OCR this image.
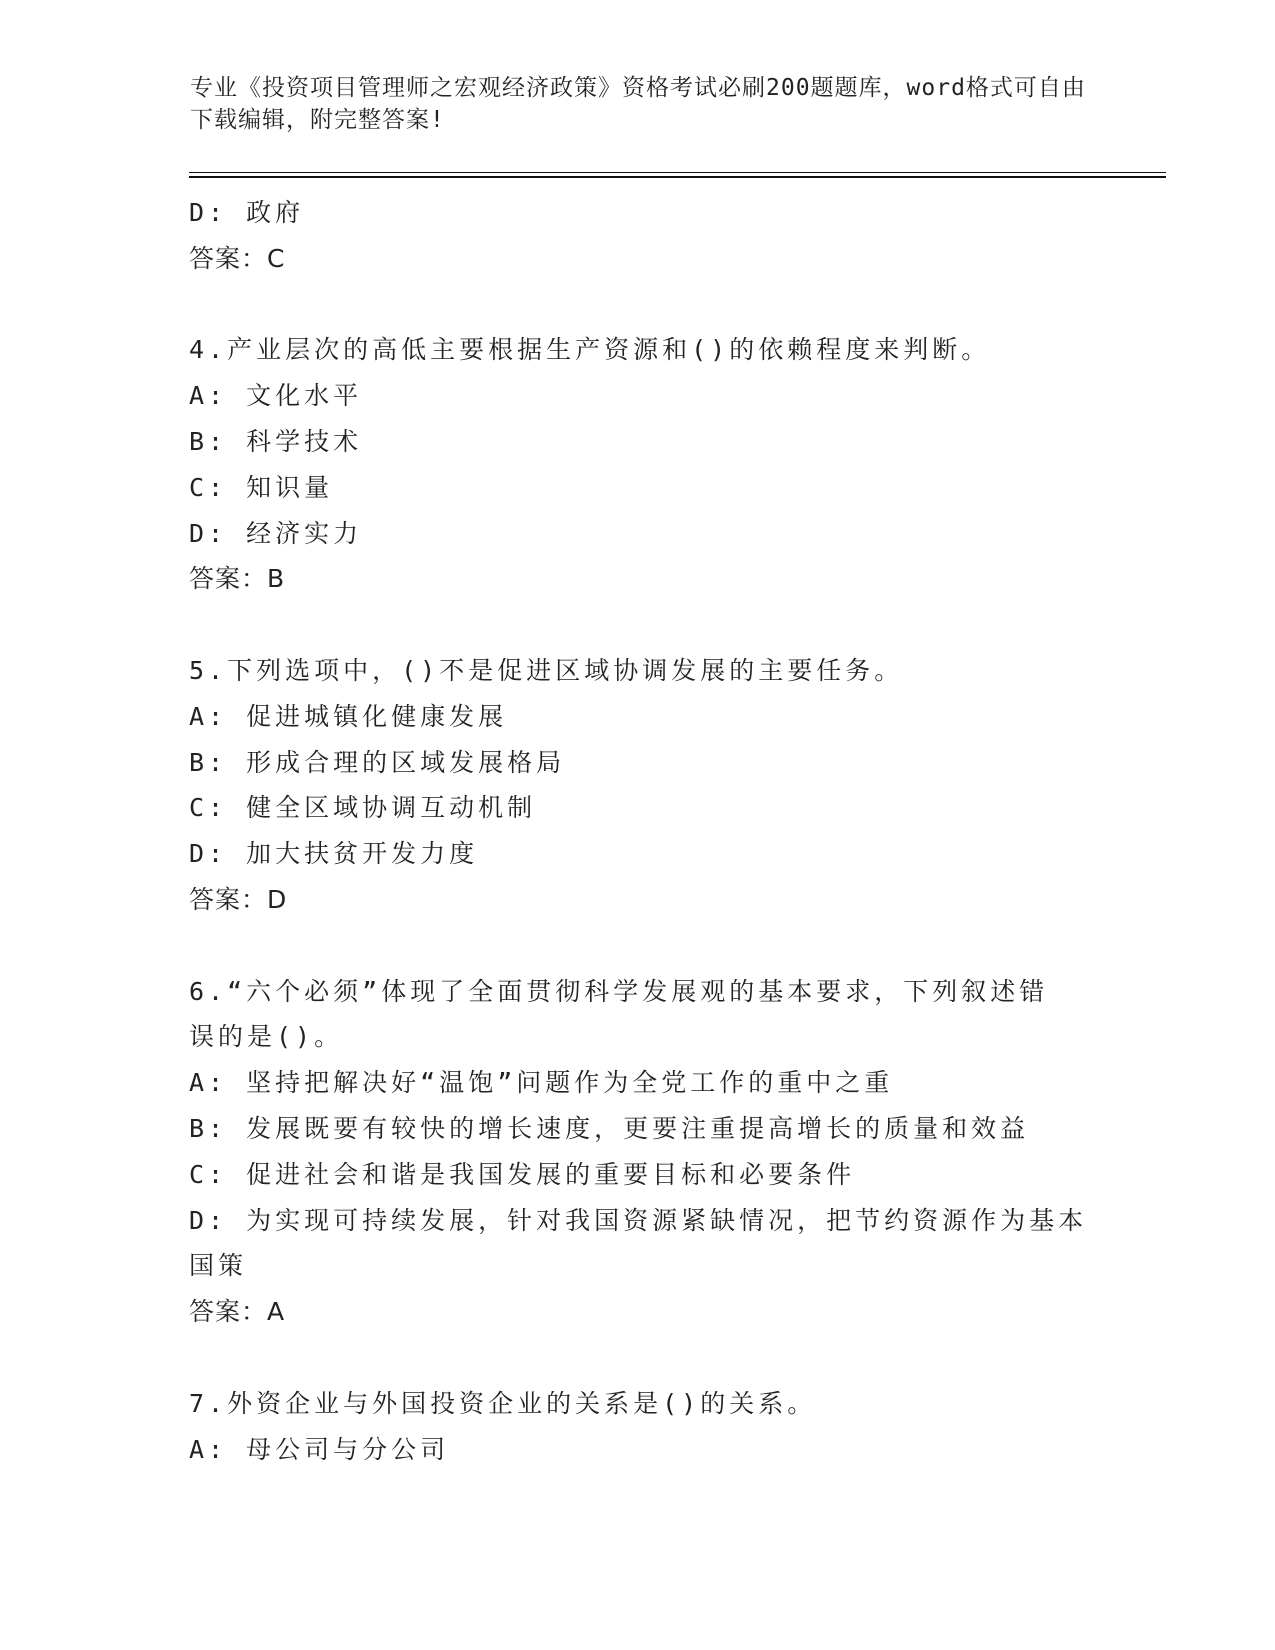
专业《投资项目管理师之宏观经济政策》资格考试必刷200题题库，word格式可自由下载编辑，附完整答案!
D: 政府
答案：C
4.产业层次的高低主要根据生产资源和()的依赖程度来判断。
A: 文化水平
B: 科学技术
C: 知识量
D: 经济实力
答案：B
5.下列选项中，()不是促进区域协调发展的主要任务。
A: 促进城镇化健康发展
B: 形成合理的区域发展格局
C: 健全区域协调互动机制
D: 加大扶贫开发力度
答案：D
6.“六个必须”体现了全面贯彻科学发展观的基本要求，下列叙述错
误的是()。
A: 坚持把解决好“温饱”问题作为全党工作的重中之重
B: 发展既要有较快的增长速度，更要注重提高增长的质量和效益
C: 促进社会和谐是我国发展的重要目标和必要条件
D: 为实现可持续发展，针对我国资源紧缺情况，把节约资源作为基本
国策
答案：A
7.外资企业与外国投资企业的关系是()的关系。
A: 母公司与分公司
